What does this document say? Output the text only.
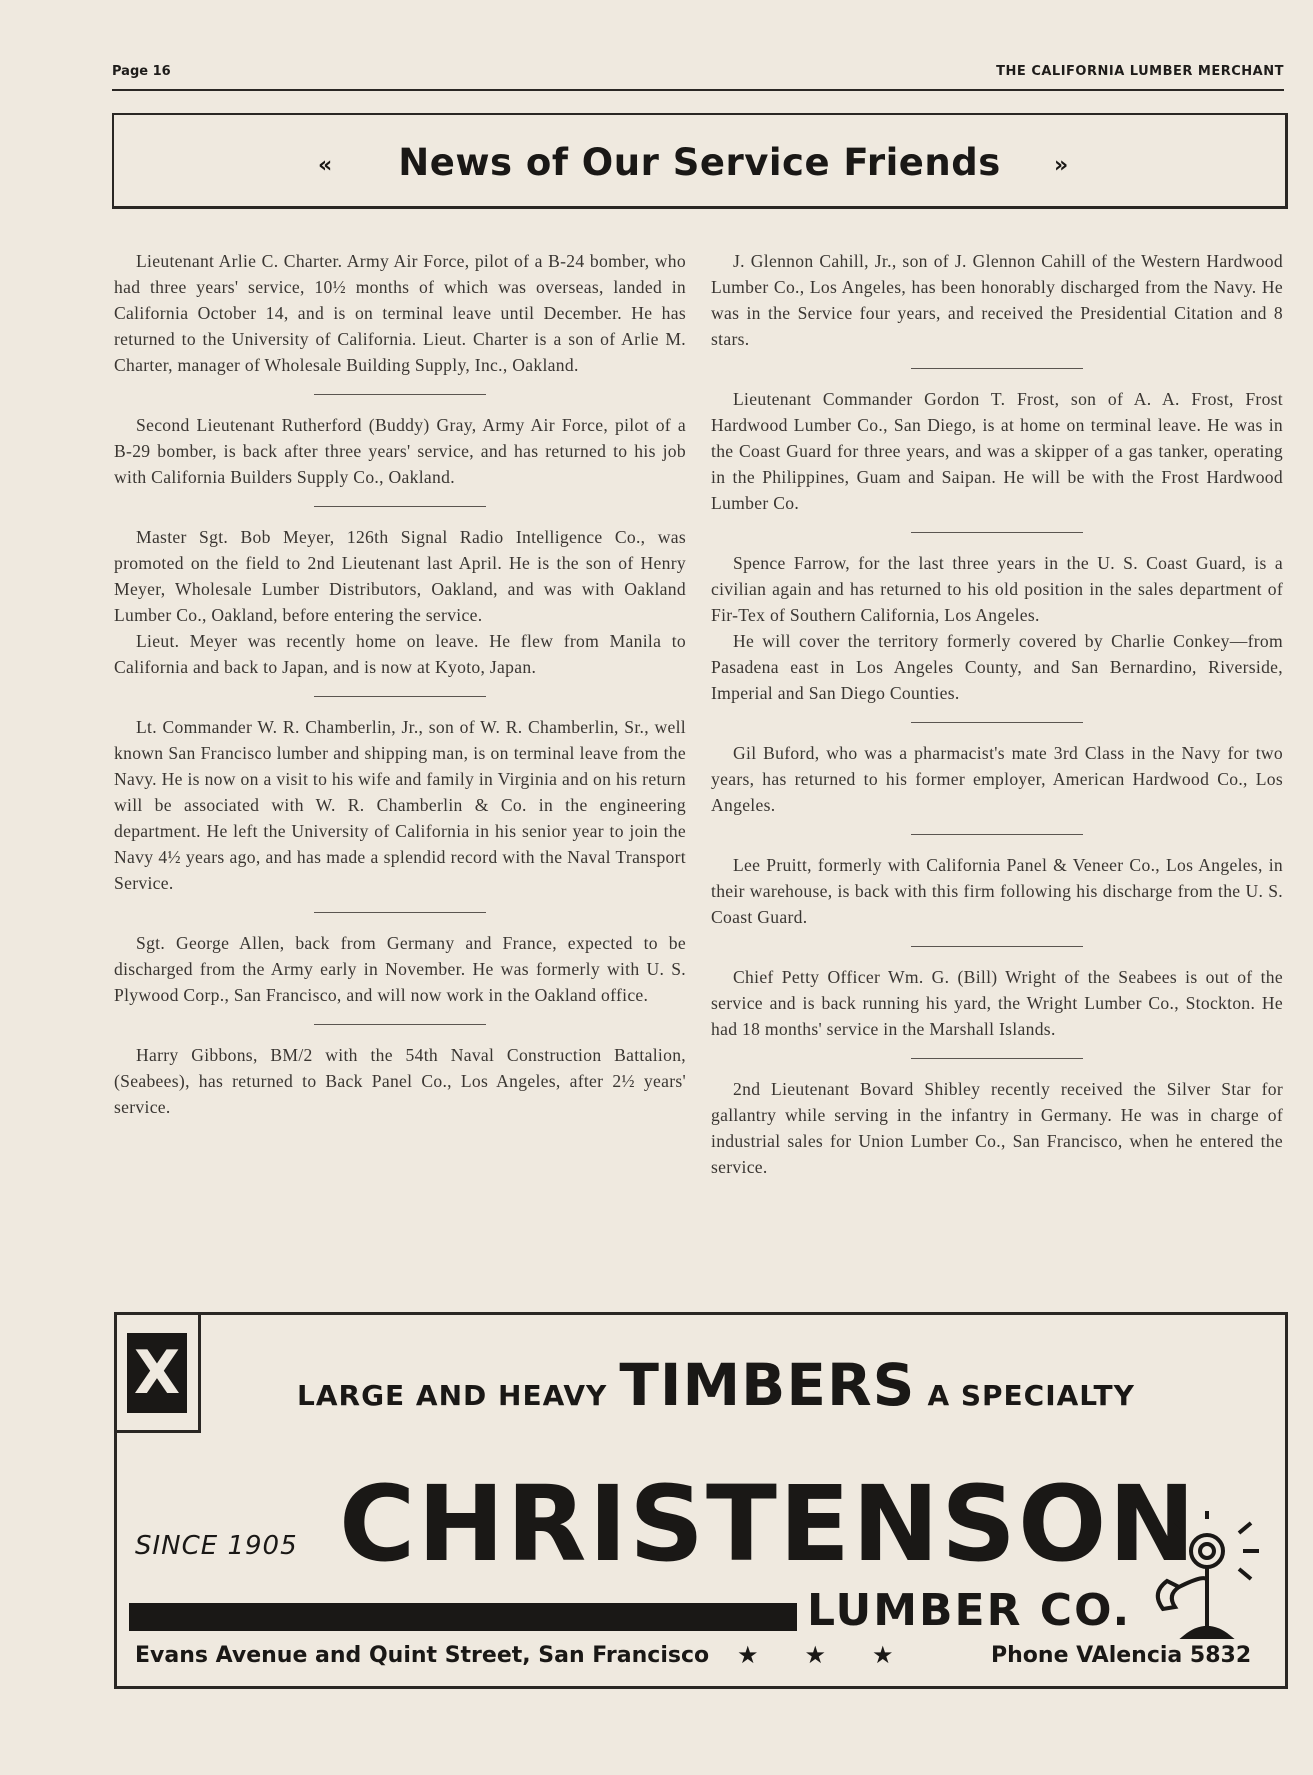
Page 16	THE CALIFORNIA LUMBER MERCHANT
«	News of Our Service Friends	»

Lieutenant Arlie C. Charter. Army Air Force, pilot of a B-24 bomber, who had three years' service, 10½ months of which was overseas, landed in California October 14, and is on terminal leave until December. He has returned to the University of California. Lieut. Charter is a son of Arlie M. Charter, manager of Wholesale Building Supply, Inc., Oakland.

Second Lieutenant Rutherford (Buddy) Gray, Army Air Force, pilot of a B-29 bomber, is back after three years' service, and has returned to his job with California Builders Supply Co., Oakland.

Master Sgt. Bob Meyer, 126th Signal Radio Intelligence Co., was promoted on the field to 2nd Lieutenant last April. He is the son of Henry Meyer, Wholesale Lumber Distributors, Oakland, and was with Oakland Lumber Co., Oakland, before entering the service.

Lieut. Meyer was recently home on leave. He flew from Manila to California and back to Japan, and is now at Kyoto, Japan.

Lt. Commander W. R. Chamberlin, Jr., son of W. R. Chamberlin, Sr., well known San Francisco lumber and shipping man, is on terminal leave from the Navy. He is now on a visit to his wife and family in Virginia and on his return will be associated with W. R. Chamberlin & Co. in the engineering department. He left the University of California in his senior year to join the Navy 4½ years ago, and has made a splendid record with the Naval Transport Service.

Sgt. George Allen, back from Germany and France, expected to be discharged from the Army early in November. He was formerly with U. S. Plywood Corp., San Francisco, and will now work in the Oakland office.

Harry Gibbons, BM/2 with the 54th Naval Construction Battalion, (Seabees), has returned to Back Panel Co., Los Angeles, after 2½ years' service.

J. Glennon Cahill, Jr., son of J. Glennon Cahill of the Western Hardwood Lumber Co., Los Angeles, has been honorably discharged from the Navy. He was in the Service four years, and received the Presidential Citation and 8 stars.

Lieutenant Commander Gordon T. Frost, son of A. A. Frost, Frost Hardwood Lumber Co., San Diego, is at home on terminal leave. He was in the Coast Guard for three years, and was a skipper of a gas tanker, operating in the Philippines, Guam and Saipan. He will be with the Frost Hardwood Lumber Co.

Spence Farrow, for the last three years in the U. S. Coast Guard, is a civilian again and has returned to his old position in the sales department of Fir-Tex of Southern California, Los Angeles.

He will cover the territory formerly covered by Charlie Conkey—from Pasadena east in Los Angeles County, and San Bernardino, Riverside, Imperial and San Diego Counties.

Gil Buford, who was a pharmacist's mate 3rd Class in the Navy for two years, has returned to his former employer, American Hardwood Co., Los Angeles.

Lee Pruitt, formerly with California Panel & Veneer Co., Los Angeles, in their warehouse, is back with this firm following his discharge from the U. S. Coast Guard.

Chief Petty Officer Wm. G. (Bill) Wright of the Seabees is out of the service and is back running his yard, the Wright Lumber Co., Stockton. He had 18 months' service in the Marshall Islands.

2nd Lieutenant Bovard Shibley recently received the Silver Star for gallantry while serving in the infantry in Germany. He was in charge of industrial sales for Union Lumber Co., San Francisco, when he entered the service.

X	LARGE AND HEAVY TIMBERS A SPECIALTY
SINCE 1905 CHRISTENSON
LUMBER CO.
Evans Avenue and Quint Street, San Francisco ★★★ Phone VAlencia 5832
